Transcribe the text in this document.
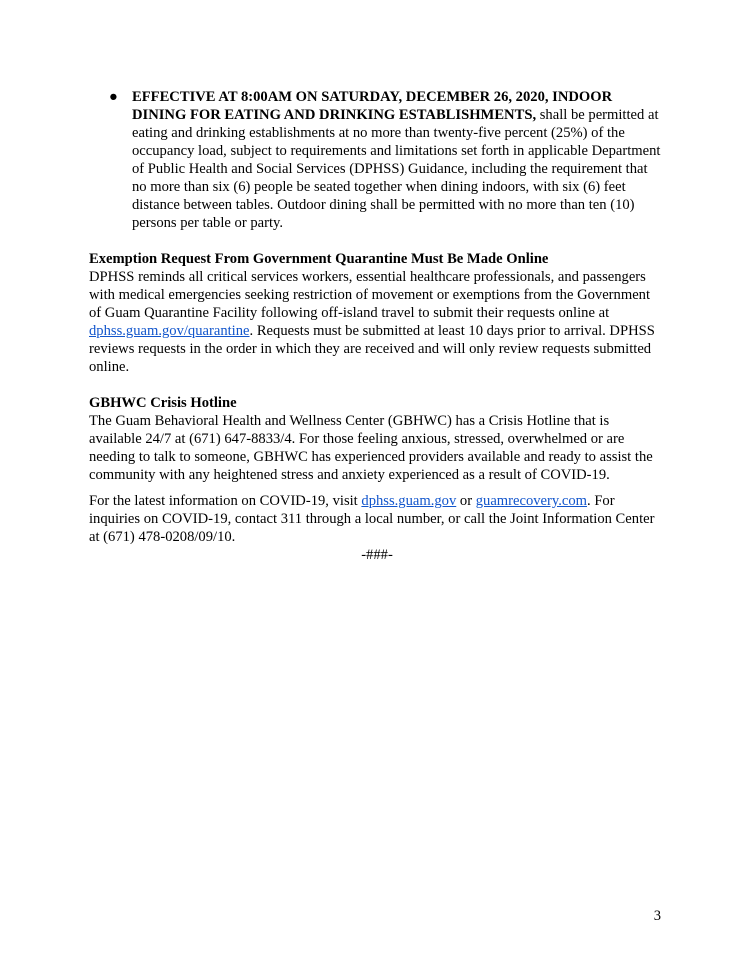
● EFFECTIVE AT 8:00AM ON SATURDAY, DECEMBER 26, 2020, INDOOR DINING FOR EATING AND DRINKING ESTABLISHMENTS, shall be permitted at eating and drinking establishments at no more than twenty-five percent (25%) of the occupancy load, subject to requirements and limitations set forth in applicable Department of Public Health and Social Services (DPHSS) Guidance, including the requirement that no more than six (6) people be seated together when dining indoors, with six (6) feet distance between tables. Outdoor dining shall be permitted with no more than ten (10) persons per table or party.

Exemption Request From Government Quarantine Must Be Made Online

DPHSS reminds all critical services workers, essential healthcare professionals, and passengers with medical emergencies seeking restriction of movement or exemptions from the Government of Guam Quarantine Facility following off-island travel to submit their requests online at dphss.guam.gov/quarantine. Requests must be submitted at least 10 days prior to arrival. DPHSS reviews requests in the order in which they are received and will only review requests submitted online.

GBHWC Crisis Hotline

The Guam Behavioral Health and Wellness Center (GBHWC) has a Crisis Hotline that is available 24/7 at (671) 647-8833/4. For those feeling anxious, stressed, overwhelmed or are needing to talk to someone, GBHWC has experienced providers available and ready to assist the community with any heightened stress and anxiety experienced as a result of COVID-19.

For the latest information on COVID-19, visit dphss.guam.gov or guamrecovery.com. For inquiries on COVID-19, contact 311 through a local number, or call the Joint Information Center at (671) 478-0208/09/10.

-###-

3
